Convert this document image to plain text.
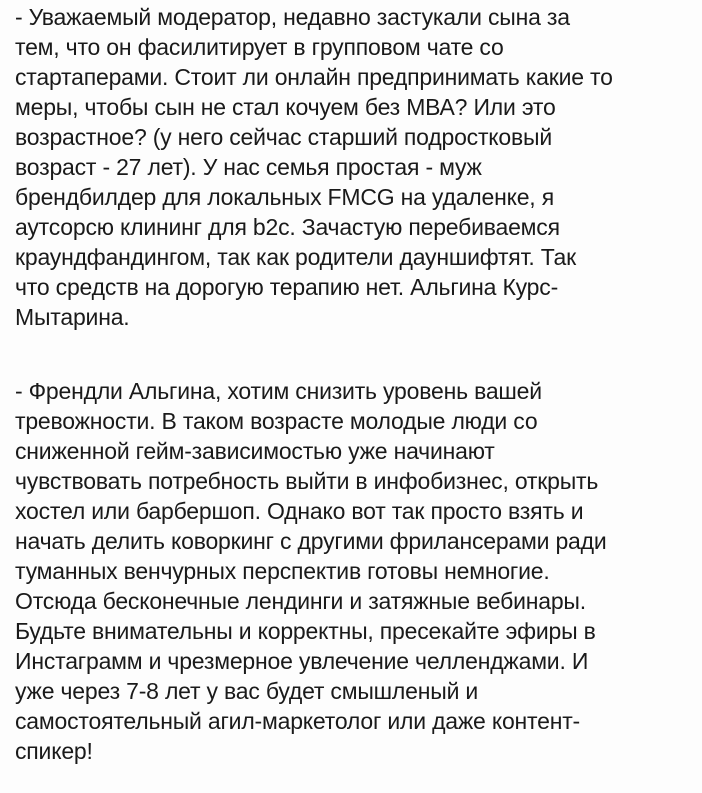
- Уважаемый модератор, недавно застукали сына за
тем, что он фасилитирует в групповом чате со
стартаперами. Стоит ли онлайн предпринимать какие то
меры, чтобы сын не стал кочуем без МВА? Или это
возрастное? (у него сейчас старший подростковый
возраст - 27 лет). У нас семья простая - муж
брендбилдер для локальных FMCG на удаленке, я
аутсорсю клининг для b2c. Зачастую перебиваемся
краундфандингом, так как родители дауншифтят. Так
что средств на дорогую терапию нет. Альгина Курс-
Мытарина.
- Френдли Альгина, хотим снизить уровень вашей
тревожности. В таком возрасте молодые люди со
сниженной гейм-зависимостью уже начинают
чувствовать потребность выйти в инфобизнес, открыть
хостел или барбершоп. Однако вот так просто взять и
начать делить коворкинг с другими фрилансерами ради
туманных венчурных перспектив готовы немногие.
Отсюда бесконечные лендинги и затяжные вебинары.
Будьте внимательны и корректны, пресекайте эфиры в
Инстаграмм и чрезмерное увлечение челленджами. И
уже через 7-8 лет у вас будет смышленый и
самостоятельный агил-маркетолог или даже контент-
спикер!
